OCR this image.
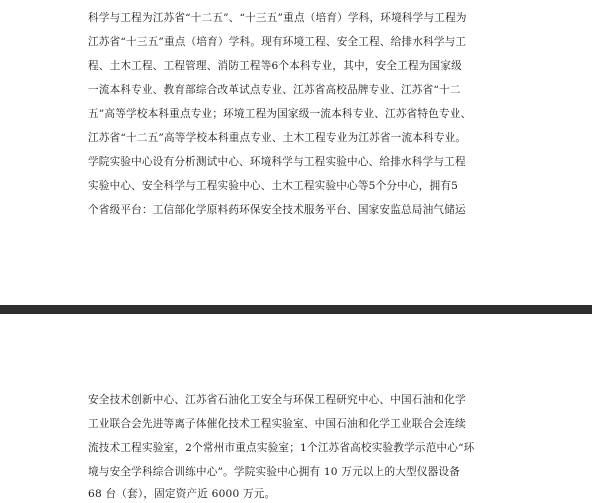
科学与工程为江苏省“十二五”、“十三五”重点（培育）学科，环境科学与工程为
江苏省“十三五”重点（培育）学科。现有环境工程、安全工程、给排水科学与工
程、土木工程、工程管理、消防工程等6个本科专业，其中，安全工程为国家级
一流本科专业、教育部综合改革试点专业、江苏省高校品牌专业、江苏省“十二
五”高等学校本科重点专业；环境工程为国家级一流本科专业、江苏省特色专业、
江苏省“十二五”高等学校本科重点专业、土木工程专业为江苏省一流本科专业。
学院实验中心设有分析测试中心、环境科学与工程实验中心、给排水科学与工程
实验中心、安全科学与工程实验中心、土木工程实验中心等5个分中心，拥有5
个省级平台：工信部化学原料药环保安全技术服务平台、国家安监总局油气储运
安全技术创新中心、江苏省石油化工安全与环保工程研究中心、中国石油和化学
工业联合会先进等离子体催化技术工程实验室、中国石油和化学工业联合会连续
流技术工程实验室，2个常州市重点实验室；1个江苏省高校实验教学示范中心“环
境与安全学科综合训练中心”。学院实验中心拥有 10 万元以上的大型仪器设备
68 台（套），固定资产近 6000 万元。
